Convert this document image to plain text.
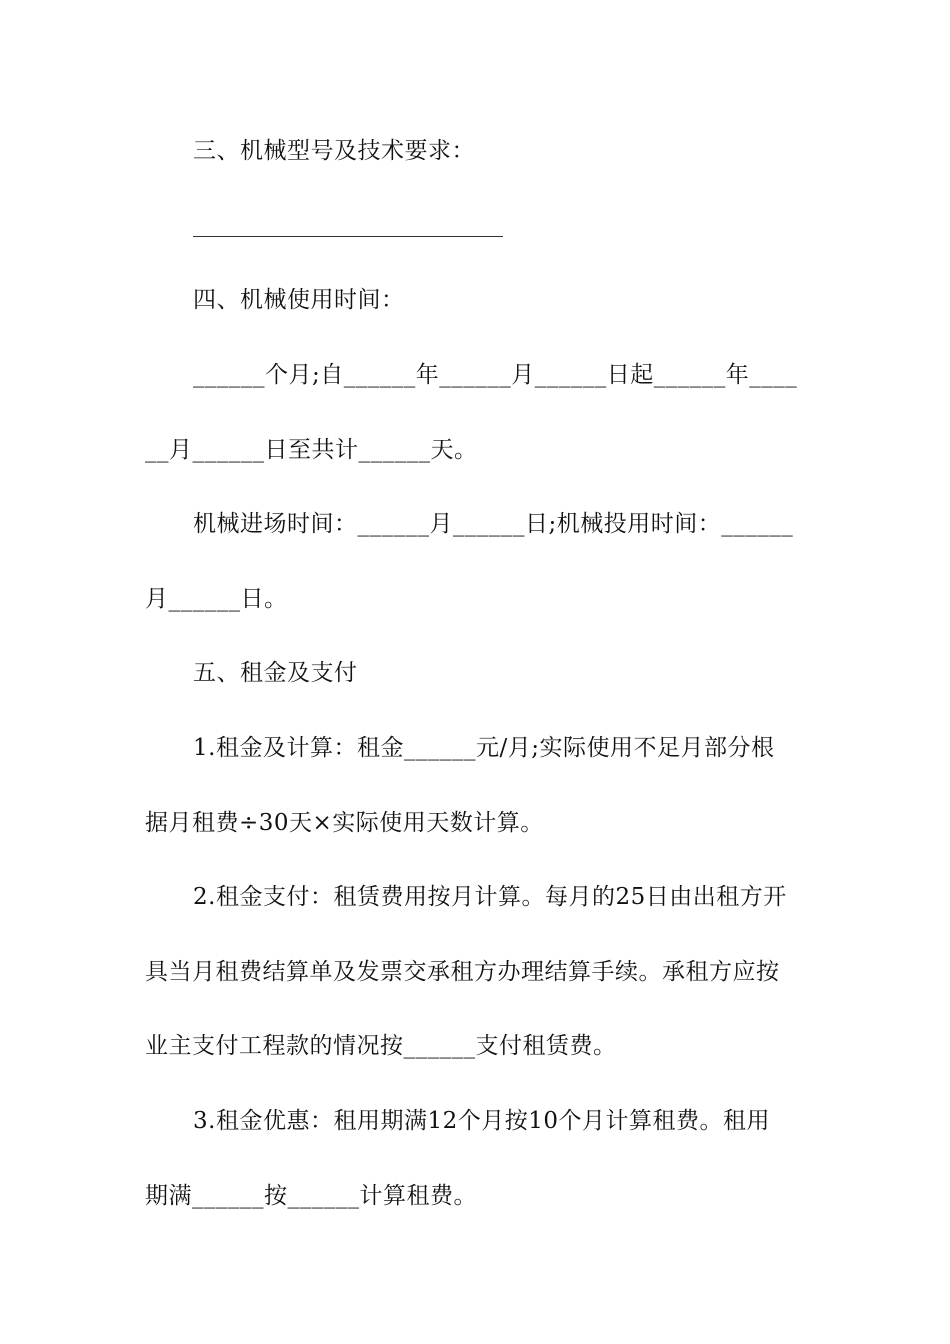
三、机械型号及技术要求：
四、机械使用时间：
______个月;自______年______月______日起______年____
__月______日至共计______天。
机械进场时间：______月______日;机械投用时间：______
月______日。
五、租金及支付
1.租金及计算：租金______元/月;实际使用不足月部分根
据月租费÷30天×实际使用天数计算。
2.租金支付：租赁费用按月计算。每月的25日由出租方开
具当月租费结算单及发票交承租方办理结算手续。承租方应按
业主支付工程款的情况按______支付租赁费。
3.租金优惠：租用期满12个月按10个月计算租费。租用
期满______按______计算租费。
